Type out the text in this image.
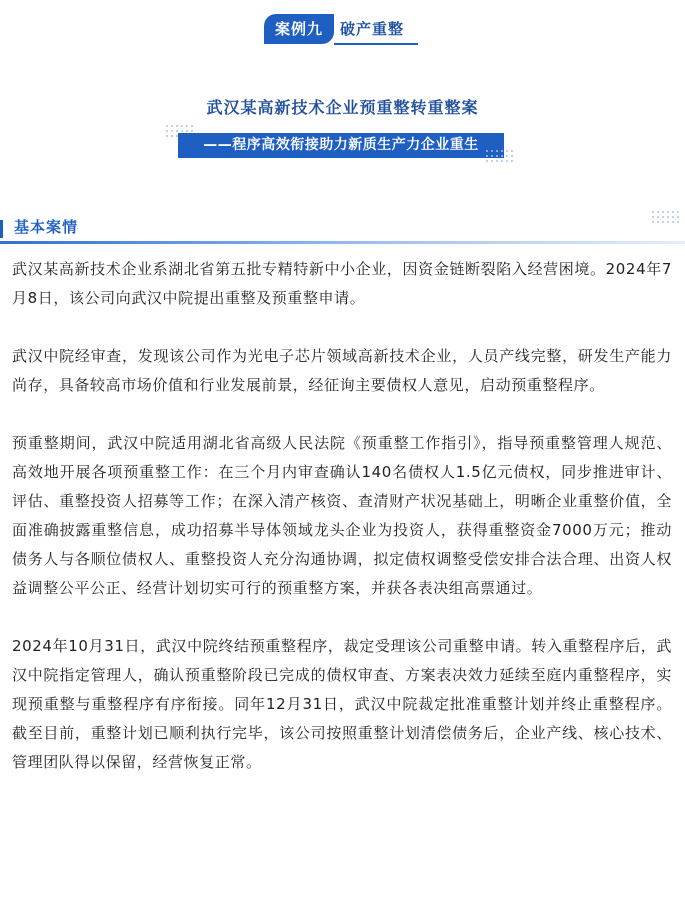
案例九	破产重整
武汉某高新技术企业预重整转重整案
——程序高效衔接助力新质生产力企业重生
基本案情

武汉某高新技术企业系湖北省第五批专精特新中小企业，因资金链断裂陷入经营困境。2024年7月8日，该公司向武汉中院提出重整及预重整申请。

武汉中院经审查，发现该公司作为光电子芯片领域高新技术企业，人员产线完整，研发生产能力尚存，具备较高市场价值和行业发展前景，经征询主要债权人意见，启动预重整程序。

预重整期间，武汉中院适用湖北省高级人民法院《预重整工作指引》，指导预重整管理人规范、高效地开展各项预重整工作：在三个月内审查确认140名债权人1.5亿元债权，同步推进审计、评估、重整投资人招募等工作；在深入清产核资、查清财产状况基础上，明晰企业重整价值，全面准确披露重整信息，成功招募半导体领域龙头企业为投资人，获得重整资金7000万元；推动债务人与各顺位债权人、重整投资人充分沟通协调，拟定债权调整受偿安排合法合理、出资人权益调整公平公正、经营计划切实可行的预重整方案，并获各表决组高票通过。

2024年10月31日，武汉中院终结预重整程序，裁定受理该公司重整申请。转入重整程序后，武汉中院指定管理人，确认预重整阶段已完成的债权审查、方案表决效力延续至庭内重整程序，实现预重整与重整程序有序衔接。同年12月31日，武汉中院裁定批准重整计划并终止重整程序。截至目前，重整计划已顺利执行完毕，该公司按照重整计划清偿债务后，企业产线、核心技术、管理团队得以保留，经营恢复正常。
